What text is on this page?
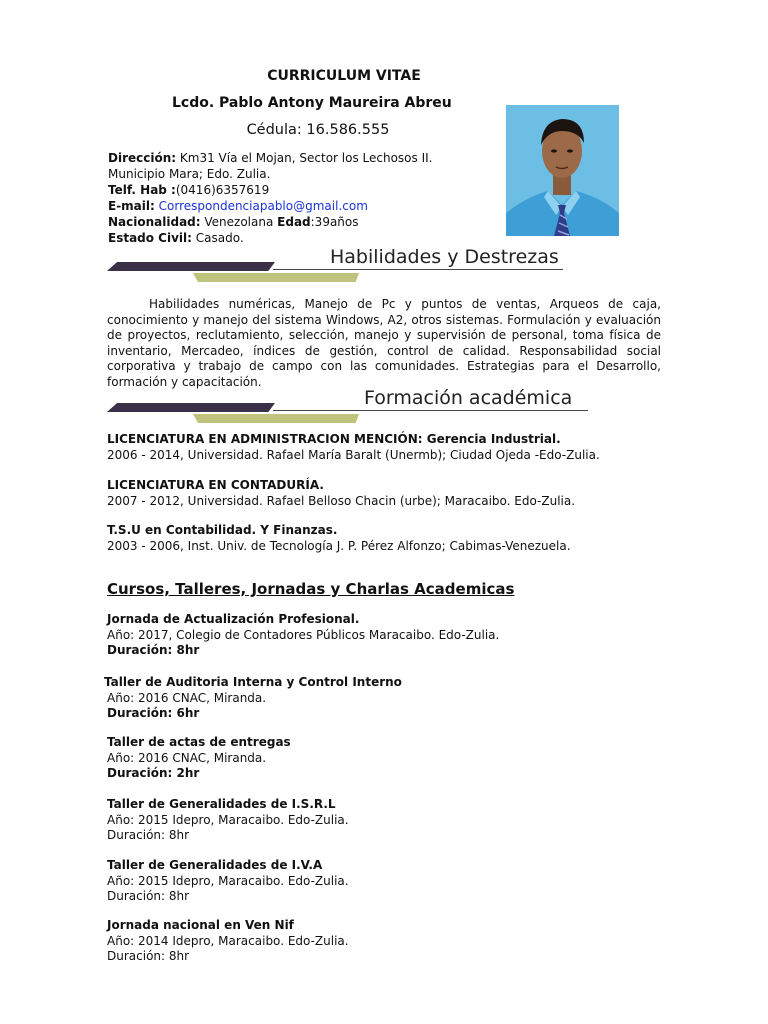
CURRICULUM VITAE
Lcdo. Pablo Antony Maureira Abreu
Cédula: 16.586.555
Dirección: Km31 Vía el Mojan, Sector los Lechosos II.
Municipio Mara; Edo. Zulia.
Telf. Hab :(0416)6357619
E-mail: Correspondenciapablo@gmail.com
Nacionalidad: Venezolana Edad:39años
Estado Civil: Casado.
Habilidades y Destrezas
Habilidades numéricas, Manejo de Pc y puntos de ventas, Arqueos de caja, conocimiento y manejo del sistema Windows, A2, otros sistemas. Formulación y evaluación de proyectos, reclutamiento, selección, manejo y supervisión de personal, toma física de inventario, Mercadeo, índices de gestión, control de calidad. Responsabilidad social corporativa y trabajo de campo con las comunidades. Estrategias para el Desarrollo, formación y capacitación.
Formación académica
LICENCIATURA EN ADMINISTRACION MENCIÓN: Gerencia Industrial.
2006 - 2014, Universidad. Rafael María Baralt (Unermb); Ciudad Ojeda -Edo-Zulia.
LICENCIATURA EN CONTADURÍA.
2007 - 2012, Universidad. Rafael Belloso Chacin (urbe); Maracaibo. Edo-Zulia.
T.S.U en Contabilidad. Y Finanzas.
2003 - 2006, Inst. Univ. de Tecnología J. P. Pérez Alfonzo; Cabimas-Venezuela.
Cursos, Talleres, Jornadas y Charlas Academicas
Jornada de Actualización Profesional.
Año: 2017, Colegio de Contadores Públicos Maracaibo. Edo-Zulia.
Duración: 8hr
Taller de Auditoria Interna y Control Interno
Año: 2016 CNAC, Miranda.
Duración: 6hr
Taller de actas de entregas
Año: 2016 CNAC, Miranda.
Duración: 2hr
Taller de Generalidades de I.S.R.L
Año: 2015 Idepro, Maracaibo. Edo-Zulia.
Duración: 8hr
Taller de Generalidades de I.V.A
Año: 2015 Idepro, Maracaibo. Edo-Zulia.
Duración: 8hr
Jornada nacional en Ven Nif
Año: 2014 Idepro, Maracaibo. Edo-Zulia.
Duración: 8hr
